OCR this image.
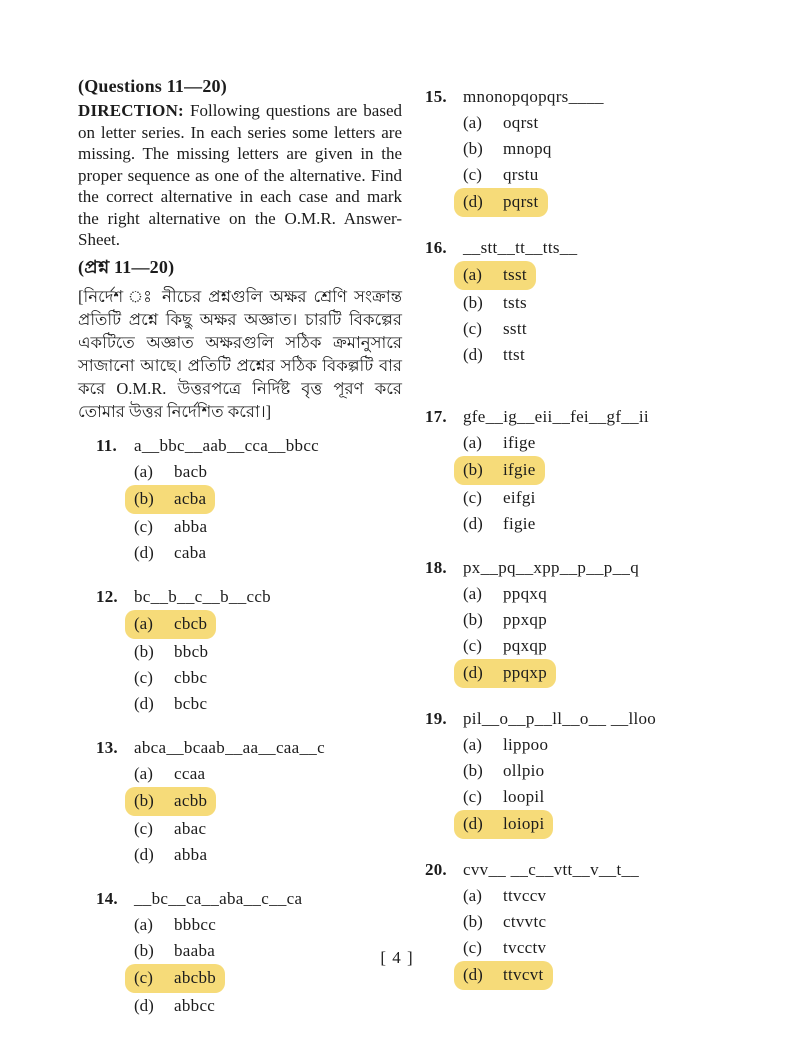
(Questions 11—20)

DIRECTION: Following questions are based on letter series. In each series some letters are missing. The missing letters are given in the proper sequence as one of the alternative. Find the correct alternative in each case and mark the right alternative on the O.M.R. Answer-Sheet.

(প্রশ্ন 11—20)

[নির্দেশ ঃ নীচের প্রশ্নগুলি অক্ষর শ্রেণি সংক্রান্ত প্রতিটি প্রশ্নে কিছু অক্ষর অজ্ঞাত। চারটি বিকল্পের একটিতে অজ্ঞাত অক্ষরগুলি সঠিক ক্রমানুসারে সাজানো আছে। প্রতিটি প্রশ্নের সঠিক বিকল্পটি বার করে O.M.R. উত্তরপত্রে নির্দিষ্ট বৃত্ত পূরণ করে তোমার উত্তর নির্দেশিত করো।]

11. a__bbc__aab__cca__bbcc
(a) bacb
(b) acba
(c) abba
(d) caba
12. bc__b__c__b__ccb
(a) cbcb
(b) bbcb
(c) cbbc
(d) bcbc
13. abca__bcaab__aa__caa__c
(a) ccaa
(b) acbb
(c) abac
(d) abba
14. __bc__ca__aba__c__ca
(a) bbbcc
(b) baaba
(c) abcbb
(d) abbcc
15. mnonopqopqrs____
(a) oqrst
(b) mnopq
(c) qrstu
(d) pqrst
16. __stt__tt__tts__
(a) tsst
(b) tsts
(c) sstt
(d) ttst
17. gfe__ig__eii__fei__gf__ii
(a) ifige
(b) ifgie
(c) eifgi
(d) figie
18. px__pq__xpp__p__p__q
(a) ppqxq
(b) ppxqp
(c) pqxqp
(d) ppqxp
19. pil__o__p__ll__o__ __lloo
(a) lippoo
(b) ollpio
(c) loopil
(d) loiopi
20. cvv__ __c__vtt__v__t__
(a) ttvccv
(b) ctvvtc
(c) tvcctv
(d) ttvcvt
[ 4 ]
